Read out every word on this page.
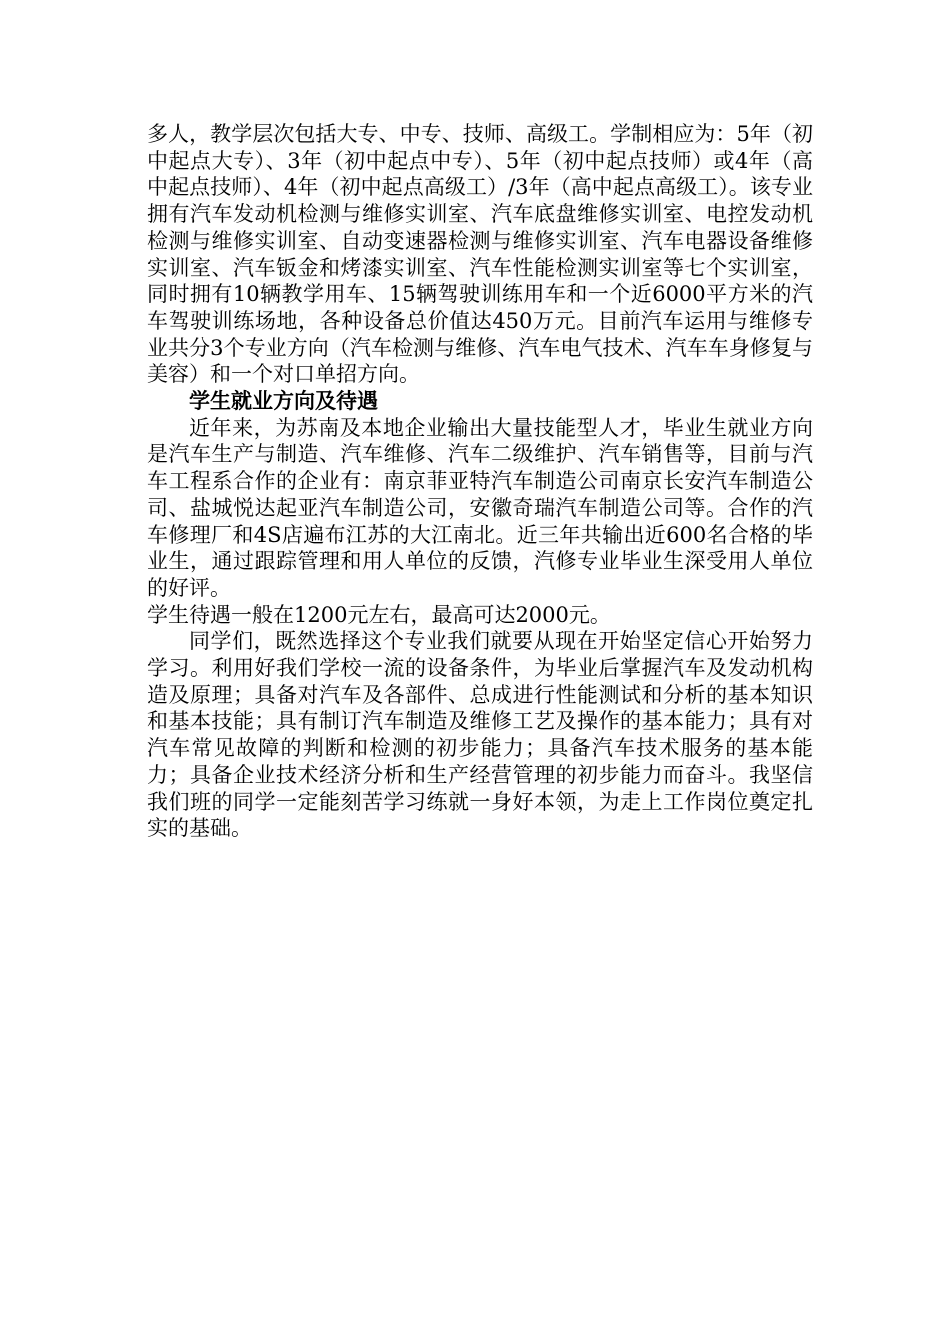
多人，教学层次包括大专、中专、技师、高级工。学制相应为：5年（初中起点大专）、3年（初中起点中专）、5年（初中起点技师）或4年（高中起点技师）、4年（初中起点高级工）/3年（高中起点高级工）。该专业拥有汽车发动机检测与维修实训室、汽车底盘维修实训室、电控发动机检测与维修实训室、自动变速器检测与维修实训室、汽车电器设备维修实训室、汽车钣金和烤漆实训室、汽车性能检测实训室等七个实训室，同时拥有10辆教学用车、15辆驾驶训练用车和一个近6000平方米的汽车驾驶训练场地，各种设备总价值达450万元。目前汽车运用与维修专业共分3个专业方向（汽车检测与维修、汽车电气技术、汽车车身修复与美容）和一个对口单招方向。

学生就业方向及待遇

近年来，为苏南及本地企业输出大量技能型人才，毕业生就业方向是汽车生产与制造、汽车维修、汽车二级维护、汽车销售等，目前与汽车工程系合作的企业有：南京菲亚特汽车制造公司南京长安汽车制造公司、盐城悦达起亚汽车制造公司，安徽奇瑞汽车制造公司等。合作的汽车修理厂和4S店遍布江苏的大江南北。近三年共输出近600名合格的毕业生，通过跟踪管理和用人单位的反馈，汽修专业毕业生深受用人单位的好评。

学生待遇一般在1200元左右，最高可达2000元。

同学们，既然选择这个专业我们就要从现在开始坚定信心开始努力学习。利用好我们学校一流的设备条件，为毕业后掌握汽车及发动机构造及原理；具备对汽车及各部件、总成进行性能测试和分析的基本知识和基本技能；具有制订汽车制造及维修工艺及操作的基本能力；具有对汽车常见故障的判断和检测的初步能力；具备汽车技术服务的基本能力；具备企业技术经济分析和生产经营管理的初步能力而奋斗。我坚信我们班的同学一定能刻苦学习练就一身好本领，为走上工作岗位奠定扎实的基础。
